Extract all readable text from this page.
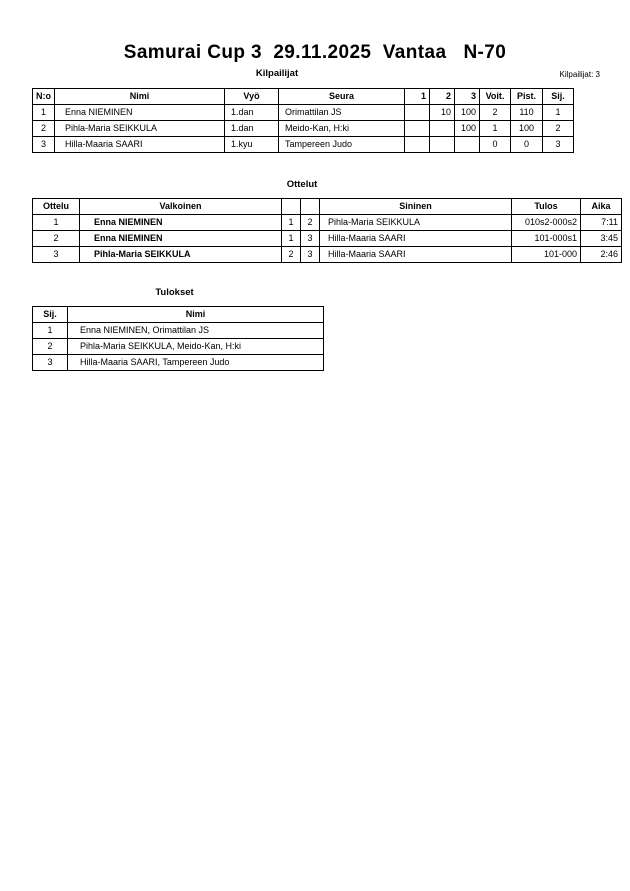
Samurai Cup 3  29.11.2025  Vantaa   N-70
Kilpailijat	Kilpailijat: 3
N:o	Nimi	Vyö	Seura	1	2	3	Voit.	Pist.	Sij.
1	Enna NIEMINEN	1.dan	Orimattilan JS		10	100	2	110	1
2	Pihla-Maria SEIKKULA	1.dan	Meido-Kan, H:ki			100	1	100	2
3	Hilla-Maaria SAARI	1.kyu	Tampereen Judo				0	0	3
Ottelut
Ottelu	Valkoinen			Sininen	Tulos	Aika
1	Enna NIEMINEN	1	2	Pihla-Maria SEIKKULA	010s2-000s2	7:11
2	Enna NIEMINEN	1	3	Hilla-Maaria SAARI	101-000s1	3:45
3	Pihla-Maria SEIKKULA	2	3	Hilla-Maaria SAARI	101-000	2:46
Tulokset
Sij.	Nimi
1	Enna NIEMINEN, Orimattilan JS
2	Pihla-Maria SEIKKULA, Meido-Kan, H:ki
3	Hilla-Maaria SAARI, Tampereen Judo
